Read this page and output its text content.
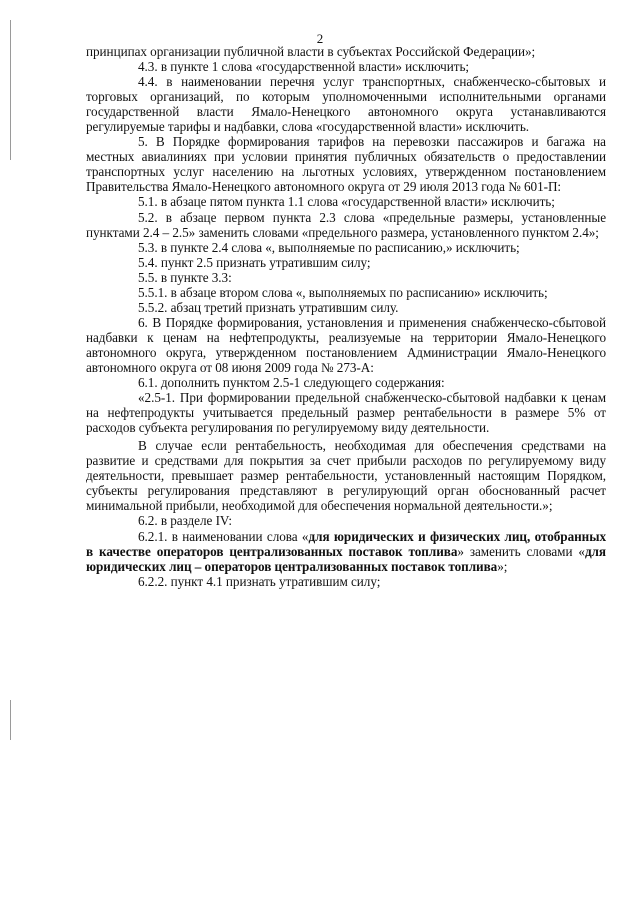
2

принципах организации публичной власти в субъектах Российской Федерации»;

4.3. в пункте 1 слова «государственной власти» исключить;

4.4. в наименовании перечня услуг транспортных, снабженческо-сбытовых и торговых организаций, по которым уполномоченными исполнительными органами государственной власти Ямало-Ненецкого автономного округа устанавливаются регулируемые тарифы и надбавки, слова «государственной власти» исключить.

5. В Порядке формирования тарифов на перевозки пассажиров и багажа на местных авиалиниях при условии принятия публичных обязательств о предоставлении транспортных услуг населению на льготных условиях, утвержденном постановлением Правительства Ямало-Ненецкого автономного округа от 29 июля 2013 года № 601-П:

5.1. в абзаце пятом пункта 1.1 слова «государственной власти» исключить;

5.2. в абзаце первом пункта 2.3 слова «предельные размеры, установленные пунктами 2.4 – 2.5» заменить словами «предельного размера, установленного пунктом 2.4»;

5.3. в пункте 2.4 слова «, выполняемые по расписанию,» исключить;

5.4. пункт 2.5 признать утратившим силу;

5.5. в пункте 3.3:

5.5.1. в абзаце втором слова «, выполняемых по расписанию» исключить;

5.5.2. абзац третий признать утратившим силу.

6. В Порядке формирования, установления и применения снабженческо-сбытовой надбавки к ценам на нефтепродукты, реализуемые на территории Ямало-Ненецкого автономного округа, утвержденном постановлением Администрации Ямало-Ненецкого автономного округа от 08 июня 2009 года № 273-А:

6.1. дополнить пунктом 2.5-1 следующего содержания:

«2.5-1. При формировании предельной снабженческо-сбытовой надбавки к ценам на нефтепродукты учитывается предельный размер рентабельности в размере 5% от расходов субъекта регулирования по регулируемому виду деятельности.

В случае если рентабельность, необходимая для обеспечения средствами на развитие и средствами для покрытия за счет прибыли расходов по регулируемому виду деятельности, превышает размер рентабельности, установленный настоящим Порядком, субъекты регулирования представляют в регулирующий орган обоснованный расчет минимальной прибыли, необходимой для обеспечения нормальной деятельности.»;

6.2. в разделе IV:

6.2.1. в наименовании слова «для юридических и физических лиц, отобранных в качестве операторов централизованных поставок топлива» заменить словами «для юридических лиц – операторов централизованных поставок топлива»;

6.2.2. пункт 4.1 признать утратившим силу;
